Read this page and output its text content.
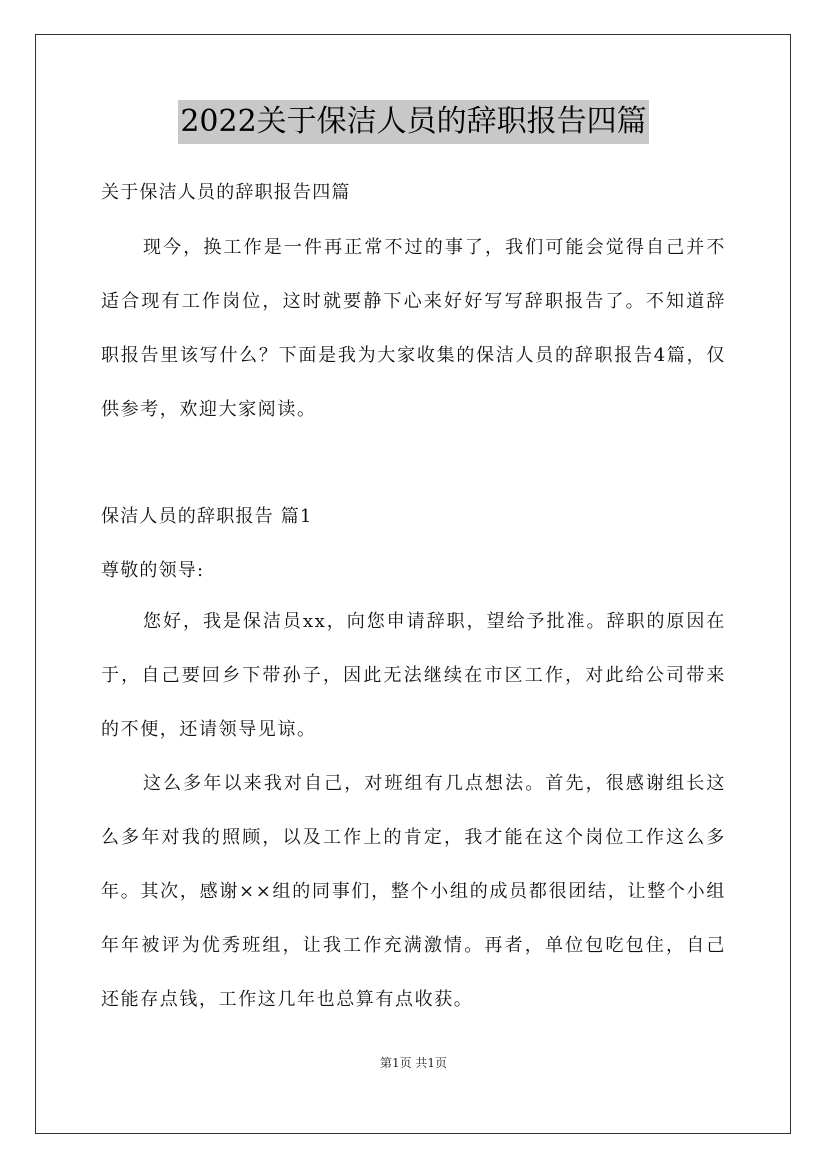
2022关于保洁人员的辞职报告四篇
关于保洁人员的辞职报告四篇
现今，换工作是一件再正常不过的事了，我们可能会觉得自己并不适合现有工作岗位，这时就要静下心来好好写写辞职报告了。不知道辞职报告里该写什么？下面是我为大家收集的保洁人员的辞职报告4篇，仅供参考，欢迎大家阅读。
保洁人员的辞职报告 篇1
尊敬的领导:
您好，我是保洁员xx，向您申请辞职，望给予批准。辞职的原因在于，自己要回乡下带孙子，因此无法继续在市区工作，对此给公司带来的不便，还请领导见谅。
这么多年以来我对自己，对班组有几点想法。首先，很感谢组长这么多年对我的照顾，以及工作上的肯定，我才能在这个岗位工作这么多年。其次，感谢××组的同事们，整个小组的成员都很团结，让整个小组年年被评为优秀班组，让我工作充满激情。再者，单位包吃包住，自己还能存点钱，工作这几年也总算有点收获。
第1页 共1页
